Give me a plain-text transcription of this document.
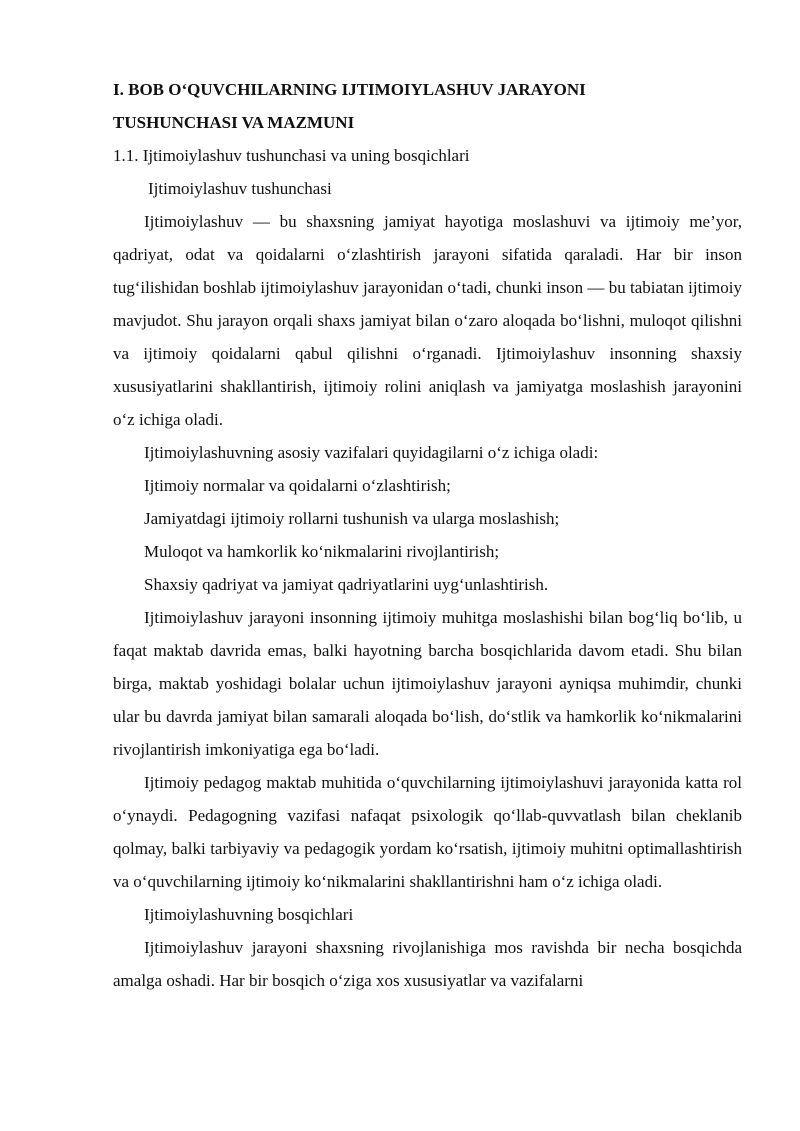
I. BOB O‘QUVCHILARNING IJTIMOIYLASHUV JARAYONI

TUSHUNCHASI VA MAZMUNI

1.1. Ijtimoiylashuv tushunchasi va uning bosqichlari

Ijtimoiylashuv tushunchasi

Ijtimoiylashuv — bu shaxsning jamiyat hayotiga moslashuvi va ijtimoiy me’yor, qadriyat, odat va qoidalarni o‘zlashtirish jarayoni sifatida qaraladi. Har bir inson tug‘ilishidan boshlab ijtimoiylashuv jarayonidan o‘tadi, chunki inson — bu tabiatan ijtimoiy mavjudot. Shu jarayon orqali shaxs jamiyat bilan o‘zaro aloqada bo‘lishni, muloqot qilishni va ijtimoiy qoidalarni qabul qilishni o‘rganadi. Ijtimoiylashuv insonning shaxsiy xususiyatlarini shakllantirish, ijtimoiy rolini aniqlash va jamiyatga moslashish jarayonini o‘z ichiga oladi.

Ijtimoiylashuvning asosiy vazifalari quyidagilarni o‘z ichiga oladi:

Ijtimoiy normalar va qoidalarni o‘zlashtirish;

Jamiyatdagi ijtimoiy rollarni tushunish va ularga moslashish;

Muloqot va hamkorlik ko‘nikmalarini rivojlantirish;

Shaxsiy qadriyat va jamiyat qadriyatlarini uyg‘unlashtirish.

Ijtimoiylashuv jarayoni insonning ijtimoiy muhitga moslashishi bilan bog‘liq bo‘lib, u faqat maktab davrida emas, balki hayotning barcha bosqichlarida davom etadi. Shu bilan birga, maktab yoshidagi bolalar uchun ijtimoiylashuv jarayoni ayniqsa muhimdir, chunki ular bu davrda jamiyat bilan samarali aloqada bo‘lish, do‘stlik va hamkorlik ko‘nikmalarini rivojlantirish imkoniyatiga ega bo‘ladi.

Ijtimoiy pedagog maktab muhitida o‘quvchilarning ijtimoiylashuvi jarayonida katta rol o‘ynaydi. Pedagogning vazifasi nafaqat psixologik qo‘llab-quvvatlash bilan cheklanib qolmay, balki tarbiyaviy va pedagogik yordam ko‘rsatish, ijtimoiy muhitni optimallashtirish va o‘quvchilarning ijtimoiy ko‘nikmalarini shakllantirishni ham o‘z ichiga oladi.

Ijtimoiylashuvning bosqichlari

Ijtimoiylashuv jarayoni shaxsning rivojlanishiga mos ravishda bir necha bosqichda amalga oshadi. Har bir bosqich o‘ziga xos xususiyatlar va vazifalarni
